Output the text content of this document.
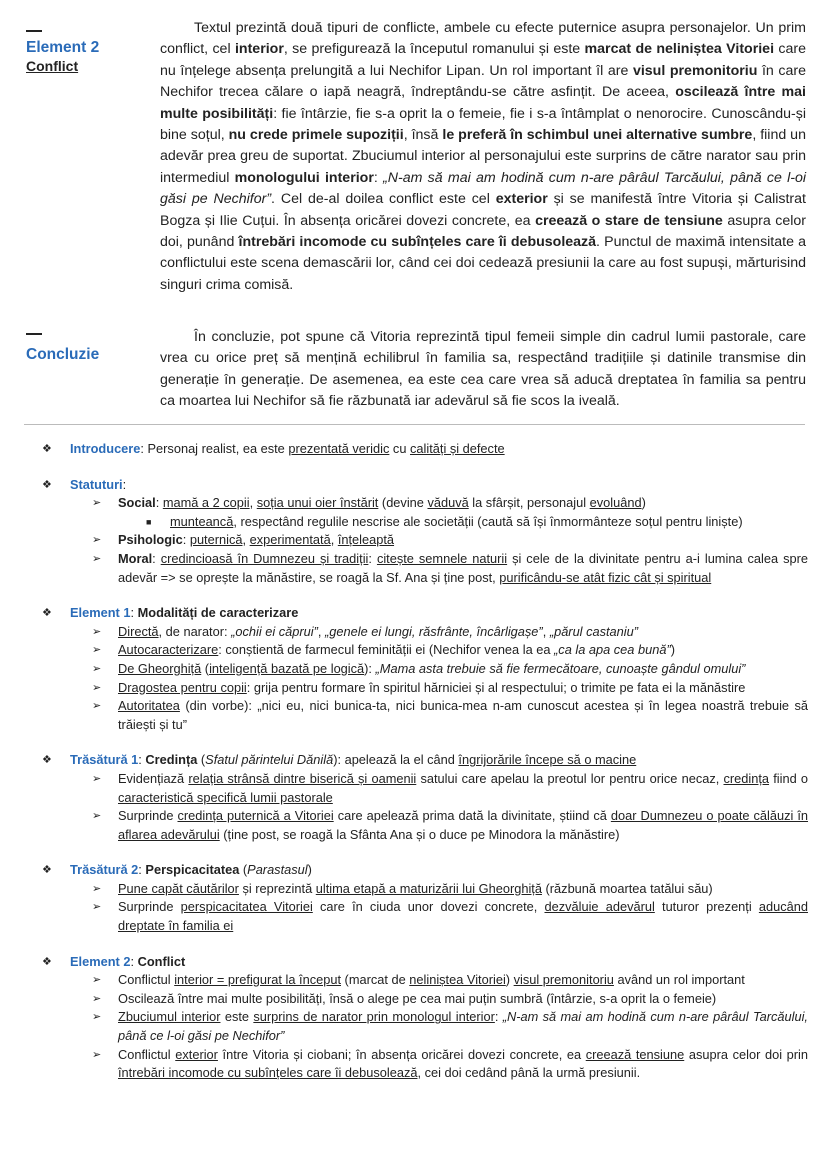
Element 2
Conflict

Textul prezintă două tipuri de conflicte, ambele cu efecte puternice asupra personajelor. Un prim conflict, cel interior, se prefigurează la începutul romanului și este marcat de neliniștea Vitoriei care nu înțelege absența prelungită a lui Nechifor Lipan. Un rol important îl are visul premonitoriu în care Nechifor trecea călare o iapă neagră, îndreptându-se către asfințit. De aceea, oscilează între mai multe posibilități: fie întârzie, fie s-a oprit la o femeie, fie i s-a întâmplat o nenorocire. Cunoscându-și bine soțul, nu crede primele supoziții, însă le preferă în schimbul unei alternative sumbre, fiind un adevăr prea greu de suportat. Zbuciumul interior al personajului este surprins de către narator sau prin intermediul monologului interior: „N-am să mai am hodină cum n-are pârâul Tarcăului, până ce l-oi găsi pe Nechifor”. Cel de-al doilea conflict este cel exterior și se manifestă între Vitoria și Calistrat Bogza și Ilie Cuțui. În absența oricărei dovezi concrete, ea creează o stare de tensiune asupra celor doi, punând întrebări incomode cu subînțeles care îi debusolează. Punctul de maximă intensitate a conflictului este scena demascării lor, când cei doi cedează presiunii la care au fost supuși, mărturisind singuri crima comisă.

Concluzie

În concluzie, pot spune că Vitoria reprezintă tipul femeii simple din cadrul lumii pastorale, care vrea cu orice preț să mențină echilibrul în familia sa, respectând tradițiile și datinile transmise din generație în generație. De asemenea, ea este cea care vrea să aducă dreptatea în familia sa pentru ca moartea lui Nechifor să fie răzbunată iar adevărul să fie scos la iveală.

❖	Introducere: Personaj realist, ea este prezentată veridic cu calități și defecte
❖	Statuturi:
➢	Social: mamă a 2 copii, soția unui oier înstărit (devine văduvă la sfârșit, personajul evoluând)
■	munteancă, respectând regulile nescrise ale societății (caută să își înmormânteze soțul pentru liniște)
➢	Psihologic: puternică, experimentată, înțeleaptă
➢	Moral: credincioasă în Dumnezeu și tradiții: citește semnele naturii și cele de la divinitate pentru a-i lumina calea spre adevăr => se oprește la mănăstire, se roagă la Sf. Ana și ține post, purificându-se atât fizic cât și spiritual
❖	Element 1: Modalități de caracterizare
➢	Directă, de narator: „ochii ei căprui”, „genele ei lungi, răsfrânte, încârligașe”, „părul castaniu”
➢	Autocaracterizare: conștientă de farmecul feminității ei (Nechifor venea la ea „ca la apa cea bună”)
➢	De Gheorghiță (inteligență bazată pe logică): „Mama asta trebuie să fie fermecătoare, cunoaște gândul omului”
➢	Dragostea pentru copii: grija pentru formare în spiritul hărniciei și al respectului; o trimite pe fata ei la mănăstire
➢	Autoritatea (din vorbe): „nici eu, nici bunica-ta, nici bunica-mea n-am cunoscut acestea și în legea noastră trebuie să trăiești și tu”
❖	Trăsătură 1: Credința (Sfatul părintelui Dănilă): apelează la el când îngrijorările începe să o macine
➢	Evidențiază relația strânsă dintre biserică și oamenii satului care apelau la preotul lor pentru orice necaz, credința fiind o caracteristică specifică lumii pastorale
➢	Surprinde credința puternică a Vitoriei care apelează prima dată la divinitate, știind că doar Dumnezeu o poate călăuzi în aflarea adevărului (ține post, se roagă la Sfânta Ana și o duce pe Minodora la mănăstire)
❖	Trăsătură 2: Perspicacitatea (Parastasul)
➢	Pune capăt căutărilor și reprezintă ultima etapă a maturizării lui Gheorghiță (răzbună moartea tatălui său)
➢	Surprinde perspicacitatea Vitoriei care în ciuda unor dovezi concrete, dezvăluie adevărul tuturor prezenți aducând dreptate în familia ei
❖	Element 2: Conflict
➢	Conflictul interior = prefigurat la început (marcat de neliniștea Vitoriei) visul premonitoriu având un rol important
➢	Oscilează între mai multe posibilități, însă o alege pe cea mai puțin sumbră (întârzie, s-a oprit la o femeie)
➢	Zbuciumul interior este surprins de narator prin monologul interior: „N-am să mai am hodină cum n-are pârâul Tarcăului, până ce l-oi găsi pe Nechifor”
➢	Conflictul exterior între Vitoria și ciobani; în absența oricărei dovezi concrete, ea creează tensiune asupra celor doi prin întrebări incomode cu subînțeles care îi debusolează, cei doi cedând până la urmă presiunii.
